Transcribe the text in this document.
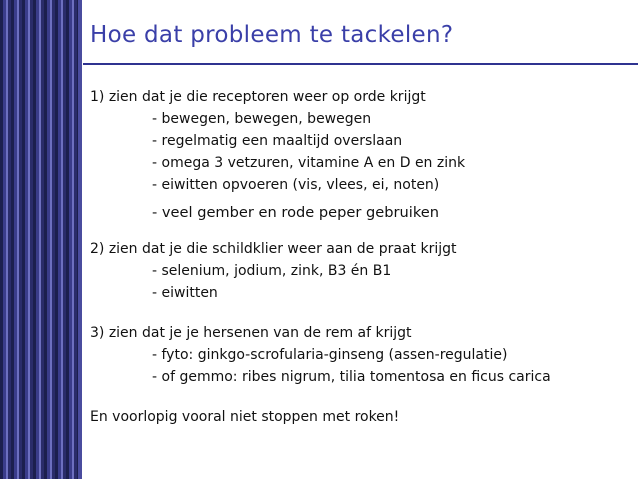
Hoe dat probleem te tackelen?
1) zien dat je die receptoren weer op orde krijgt
- bewegen, bewegen, bewegen
- regelmatig een maaltijd overslaan
- omega 3 vetzuren, vitamine A en D en zink
- eiwitten opvoeren (vis, vlees, ei, noten)
- veel gember en rode peper gebruiken
2) zien dat je die schildklier weer aan de praat krijgt
- selenium, jodium, zink, B3 én B1
- eiwitten
3) zien dat je je hersenen van de rem af krijgt
- fyto: ginkgo-scrofularia-ginseng (assen-regulatie)
- of gemmo: ribes nigrum, tilia tomentosa en ficus carica
En voorlopig vooral niet stoppen met roken!
